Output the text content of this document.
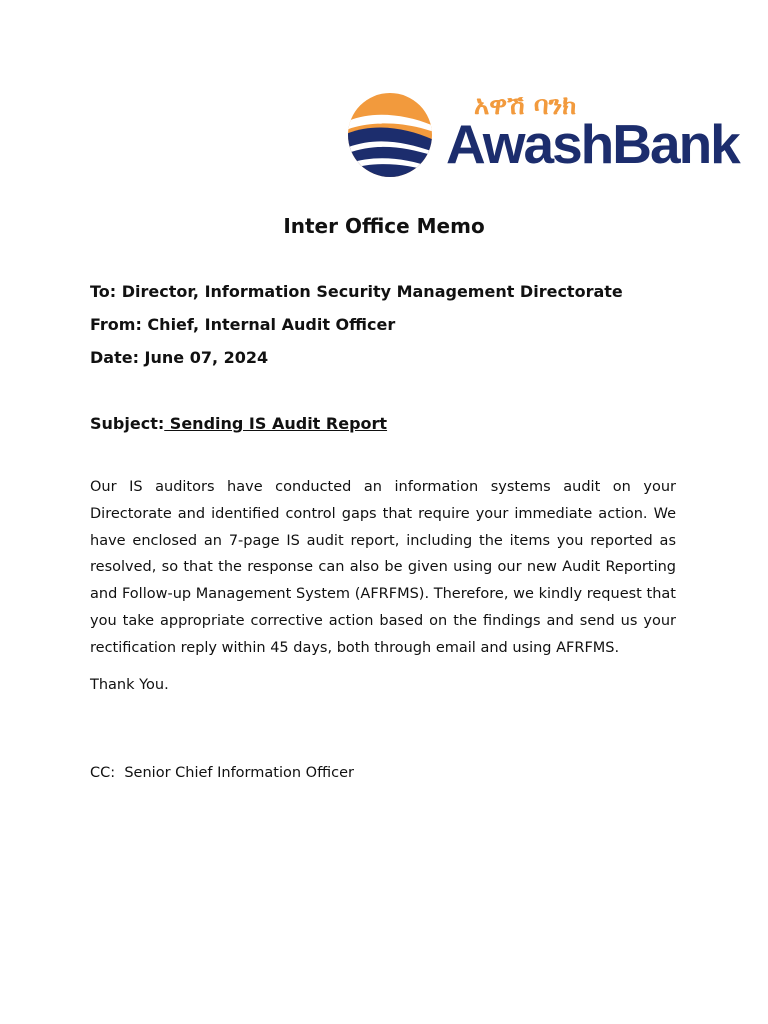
አዋሽ ባንክ
AwashBank
Inter Office Memo
To: Director, Information Security Management Directorate
From: Chief, Internal Audit Officer
Date: June 07, 2024
Subject: Sending IS Audit Report

Our IS auditors have conducted an information systems audit on your Directorate and identified control gaps that require your immediate action. We have enclosed an 7-page IS audit report, including the items you reported as resolved, so that the response can also be given using our new Audit Reporting and Follow-up Management System (AFRFMS). Therefore, we kindly request that you take appropriate corrective action based on the findings and send us your rectification reply within 45 days, both through email and using AFRFMS.

Thank You.
CC:  Senior Chief Information Officer
